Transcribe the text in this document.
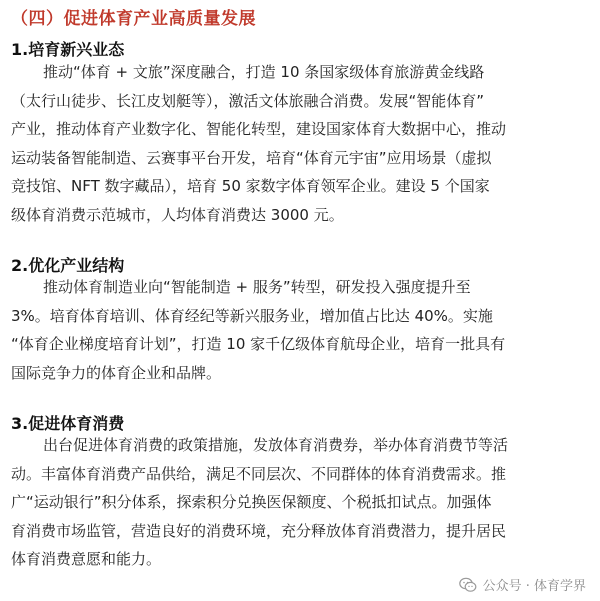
（四）促进体育产业高质量发展
1.培育新兴业态
推动“体育 + 文旅”深度融合，打造 10 条国家级体育旅游黄金线路
（太行山徒步、长江皮划艇等），激活文体旅融合消费。发展“智能体育”
产业，推动体育产业数字化、智能化转型，建设国家体育大数据中心，推动
运动装备智能制造、云赛事平台开发，培育“体育元宇宙”应用场景（虚拟
竞技馆、NFT 数字藏品），培育 50 家数字体育领军企业。建设 5 个国家
级体育消费示范城市，人均体育消费达 3000 元。
2.优化产业结构
推动体育制造业向“智能制造 + 服务”转型，研发投入强度提升至
3%。培育体育培训、体育经纪等新兴服务业，增加值占比达 40%。实施
“体育企业梯度培育计划”，打造 10 家千亿级体育航母企业，培育一批具有
国际竞争力的体育企业和品牌。
3.促进体育消费
出台促进体育消费的政策措施，发放体育消费券，举办体育消费节等活
动。丰富体育消费产品供给，满足不同层次、不同群体的体育消费需求。推
广“运动银行”积分体系，探索积分兑换医保额度、个税抵扣试点。加强体
育消费市场监管，营造良好的消费环境，充分释放体育消费潜力，提升居民
体育消费意愿和能力。
公众号 · 体育学界
